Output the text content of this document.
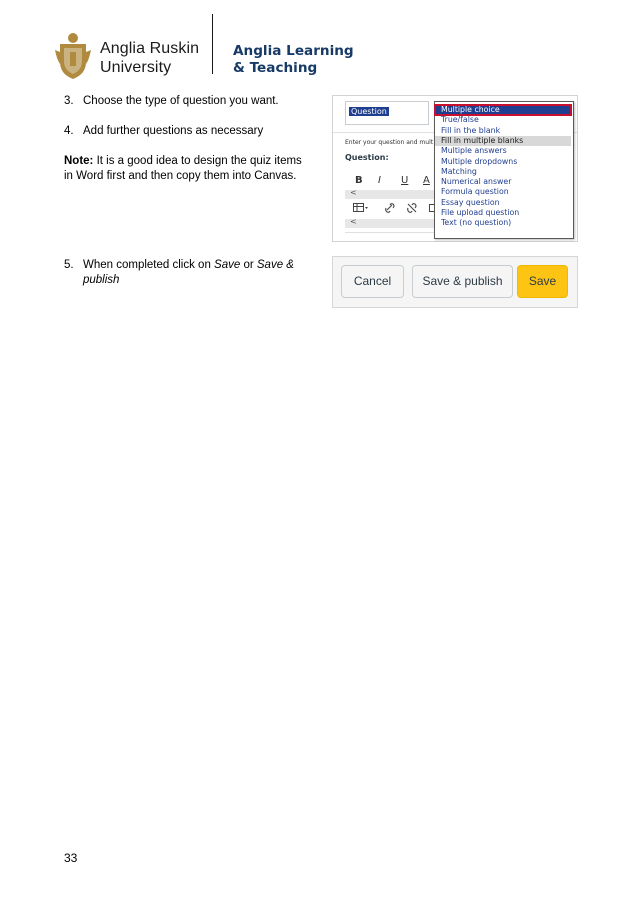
Anglia Ruskin
University
Anglia Learning
& Teaching
3. Choose the type of question you want.
4. Add further questions as necessary
Note: It is a good idea to design the quiz items in Word first and then copy them into Canvas.
5. When completed click on Save or Save & publish
Question
Enter your question and mult
Question:
B I U A
<
<
Multiple choice
True/false
Fill in the blank
Fill in multiple blanks
Multiple answers
Multiple dropdowns
Matching
Numerical answer
Formula question
Essay question
File upload question
Text (no question)
Cancel	Save & publish	Save
33
